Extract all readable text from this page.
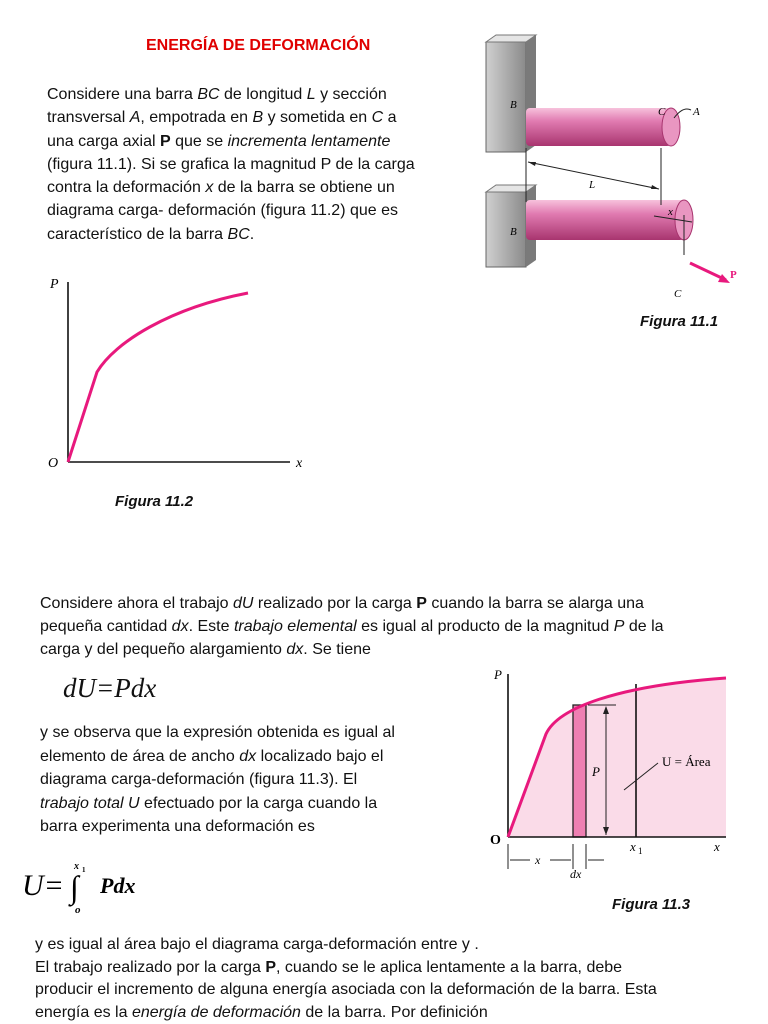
ENERGÍA DE DEFORMACIÓN
Considere una barra BC de longitud L y sección
transversal A, empotrada en B y sometida en C a
una carga axial P que se incrementa lentamente
(figura 11.1). Si se grafica la magnitud P de la carga
contra la deformación x de la barra se obtiene un
diagrama carga- deformación (figura 11.2) que es
característico de la barra BC.
B
C	A
L
x
B
C
P
Figura 11.1
P
O	x
Figura 11.2
Considere ahora el trabajo dU realizado por la carga P cuando la barra se alarga una
pequeña cantidad dx. Este trabajo elemental es igual al producto de la magnitud P de la
carga y del pequeño alargamiento dx. Se tiene
dU=Pdx
y se observa que la expresión obtenida es igual al
elemento de área de ancho dx localizado bajo el
diagrama carga-deformación (figura 11.3). El
trabajo total U efectuado por la carga cuando la
barra experimenta una deformación es
U= ∫
x 1
o
Pdx
P
O	x
x 1
P
U = Área
x
dx
Figura 11.3
y es igual al área bajo el diagrama carga-deformación entre y .
El trabajo realizado por la carga P, cuando se le aplica lentamente a la barra, debe
producir el incremento de alguna energía asociada con la deformación de la barra. Esta
energía es la energía de deformación de la barra. Por definición
